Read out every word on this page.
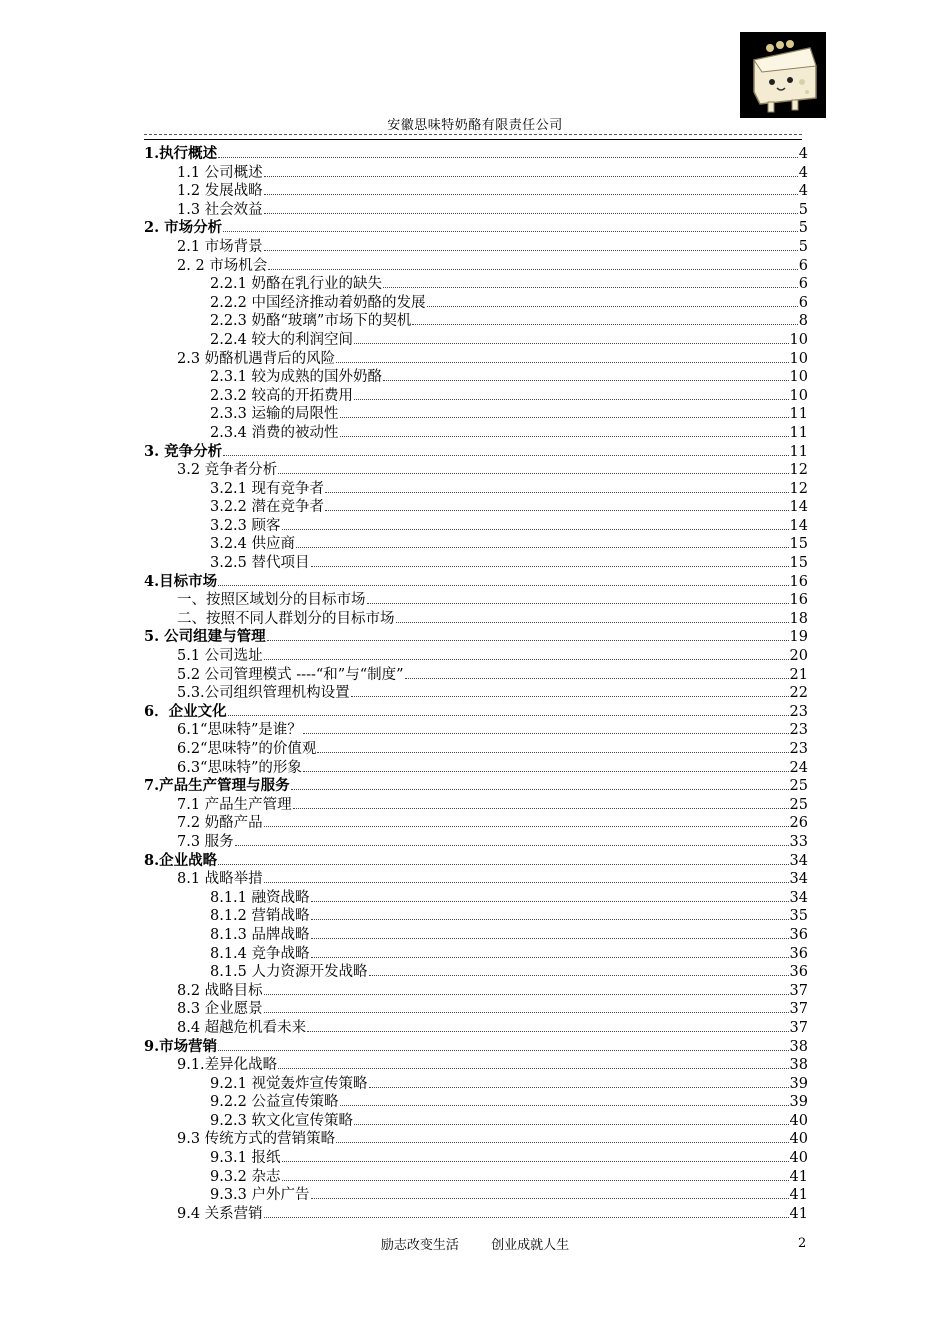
安徽思味特奶酪有限责任公司
1.执行概述	4
1.1 公司概述	4
1.2 发展战略	4
1.3 社会效益	5
2. 市场分析	5
2.1 市场背景	5
2. 2 市场机会	6
2.2.1 奶酪在乳行业的缺失	6
2.2.2 中国经济推动着奶酪的发展	6
2.2.3 奶酪“玻璃”市场下的契机	8
2.2.4 较大的利润空间	10
2.3 奶酪机遇背后的风险	10
2.3.1 较为成熟的国外奶酪	10
2.3.2 较高的开拓费用	10
2.3.3 运输的局限性	11
2.3.4 消费的被动性	11
3. 竞争分析	11
3.2 竞争者分析	12
3.2.1 现有竞争者	12
3.2.2 潜在竞争者	14
3.2.3 顾客	14
3.2.4 供应商	15
3.2.5 替代项目	15
4.目标市场	16
一、按照区域划分的目标市场	16
二、按照不同人群划分的目标市场	18
5. 公司组建与管理	19
5.1 公司选址	20
5.2 公司管理模式 ----“和”与“制度”	21
5.3.公司组织管理机构设置	22
6．企业文化	23
6.1“思味特”是谁？	23
6.2“思味特”的价值观	23
6.3“思味特”的形象	24
7.产品生产管理与服务	25
7.1 产品生产管理	25
7.2 奶酪产品	26
7.3 服务	33
8.企业战略	34
8.1 战略举措	34
8.1.1 融资战略	34
8.1.2 营销战略	35
8.1.3 品牌战略	36
8.1.4 竞争战略	36
8.1.5 人力资源开发战略	36
8.2 战略目标	37
8.3 企业愿景	37
8.4 超越危机看未来	37
9.市场营销	38
9.1.差异化战略	38
9.2.1 视觉轰炸宣传策略	39
9.2.2 公益宣传策略	39
9.2.3 软文化宣传策略	40
9.3 传统方式的营销策略	40
9.3.1 报纸	40
9.3.2 杂志	41
9.3.3 户外广告	41
9.4 关系营销	41
励志改变生活 创业成就人生	2
